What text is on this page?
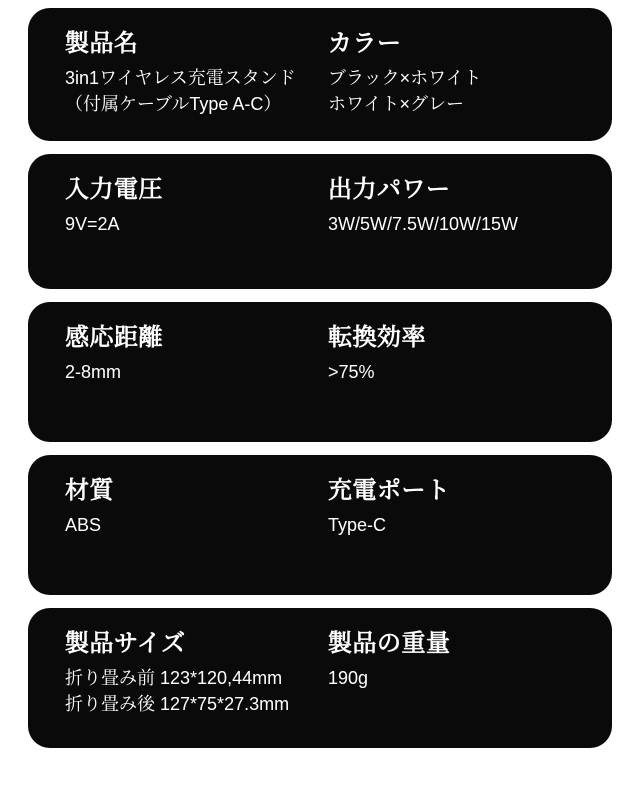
製品名
3in1ワイヤレス充電スタンド
（付属ケーブルType A-C）
カラー
ブラック×ホワイト
ホワイト×グレー
入力電圧
9V=2A
出力パワー
3W/5W/7.5W/10W/15W
感応距離
2-8mm
転換効率
>75%
材質
ABS
充電ポート
Type-C
製品サイズ
折り畳み前 123*120,44mm
折り畳み後 127*75*27.3mm
製品の重量
190g
